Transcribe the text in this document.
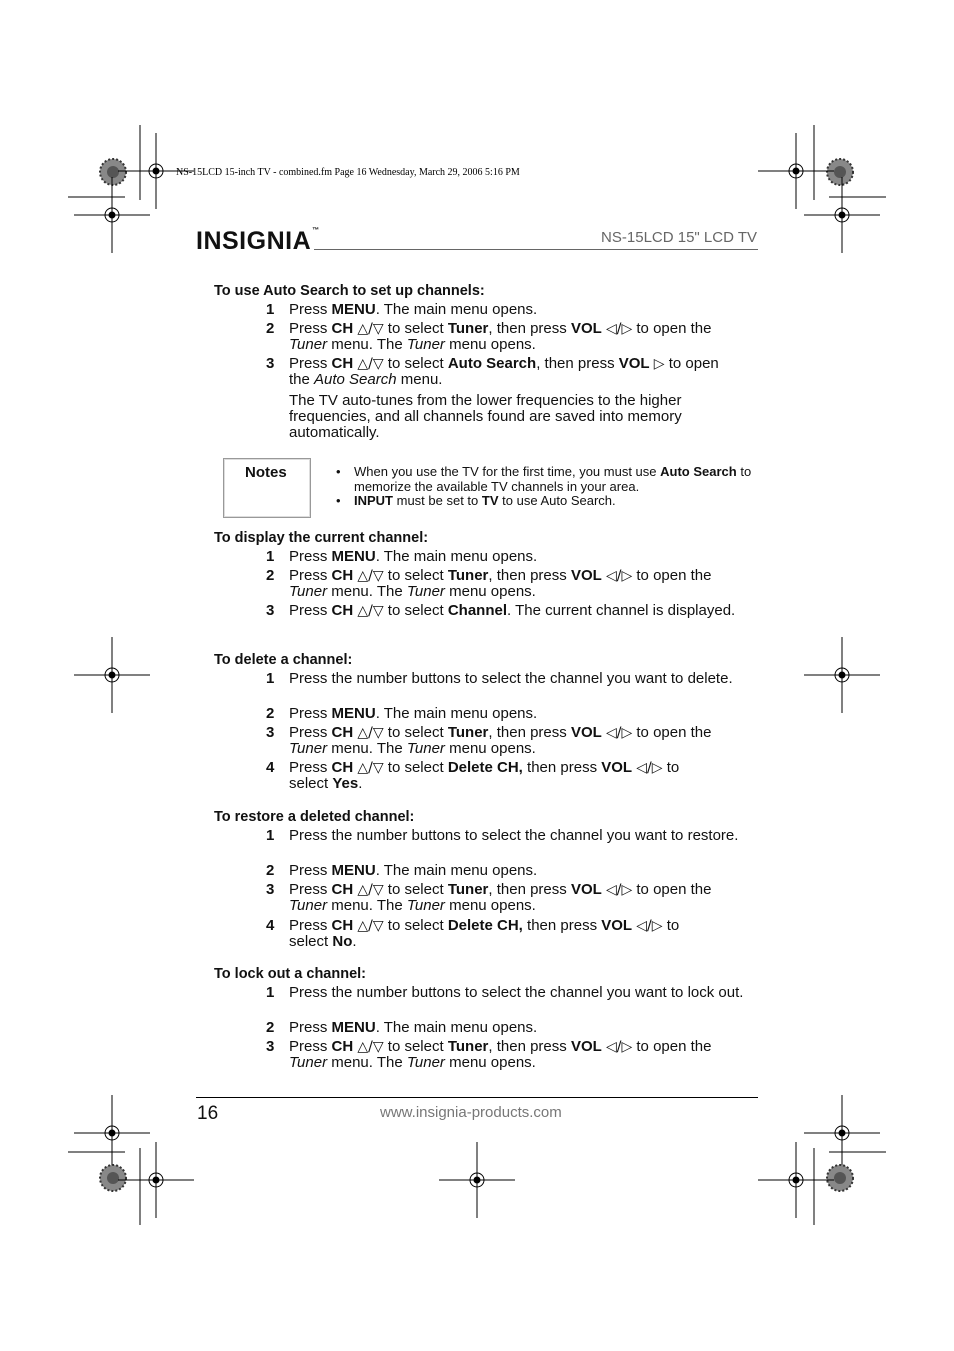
NS-15LCD 15-inch TV - combined.fm Page 16 Wednesday, March 29, 2006 5:16 PM
INSIGNIA™	NS-15LCD 15" LCD TV
To use Auto Search to set up channels:
1 Press MENU. The main menu opens.
2 Press CH △/▽ to select Tuner, then press VOL ◁/▷ to open the
Tuner menu. The Tuner menu opens.
3 Press CH △/▽ to select Auto Search, then press VOL ▷ to open
the Auto Search menu.
The TV auto-tunes from the lower frequencies to the higher frequencies, and all channels found are saved into memory automatically.
Notes	• When you use the TV for the first time, you must use Auto Search to memorize the available TV channels in your area.
• INPUT must be set to TV to use Auto Search.
To display the current channel:
1 Press MENU. The main menu opens.
2 Press CH △/▽ to select Tuner, then press VOL ◁/▷ to open the
Tuner menu. The Tuner menu opens.
3 Press CH △/▽ to select Channel. The current channel is displayed.
To delete a channel:
1 Press the number buttons to select the channel you want to delete.
2 Press MENU. The main menu opens.
3 Press CH △/▽ to select Tuner, then press VOL ◁/▷ to open the
Tuner menu. The Tuner menu opens.
4 Press CH △/▽ to select Delete CH, then press VOL ◁/▷ to
select Yes.
To restore a deleted channel:
1 Press the number buttons to select the channel you want to restore.
2 Press MENU. The main menu opens.
3 Press CH △/▽ to select Tuner, then press VOL ◁/▷ to open the
Tuner menu. The Tuner menu opens.
4 Press CH △/▽ to select Delete CH, then press VOL ◁/▷ to
select No.
To lock out a channel:
1 Press the number buttons to select the channel you want to lock out.
2 Press MENU. The main menu opens.
3 Press CH △/▽ to select Tuner, then press VOL ◁/▷ to open the
Tuner menu. The Tuner menu opens.
16	www.insignia-products.com
